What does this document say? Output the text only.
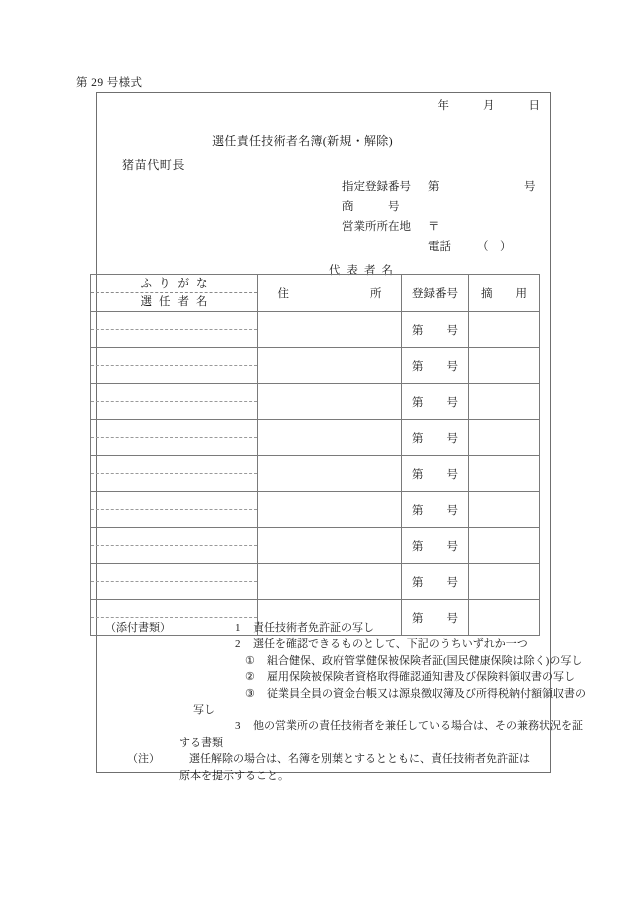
第 29 号様式
年	月	日
選任責任技術者名簿(新規・解除)
猪苗代町長
指定登録番号 第	号
商　　　号
営業所所在地 〒
電話 （　）
代表者名
ふりがな
選任者名	住所	登録番号	摘用

		第　号	

		第　号	

		第　号	

		第　号	

		第　号	

		第　号	

		第　号	

		第　号	

		第　号	
（添付書類）	1 責任技術者免許証の写し
2 選任を確認できるものとして、下記のうちいずれか一つ
① 組合健保、政府管掌健保被保険者証(国民健康保険は除く)の写し
② 雇用保険被保険者資格取得確認通知書及び保険料領収書の写し
③ 従業員全員の資金台帳又は源泉徴収簿及び所得税納付額領収書の
写し
3 他の営業所の責任技術者を兼任している場合は、その兼務状況を証
する書類
（注）	選任解除の場合は、名簿を別葉とするとともに、責任技術者免許証は
原本を提示すること。
